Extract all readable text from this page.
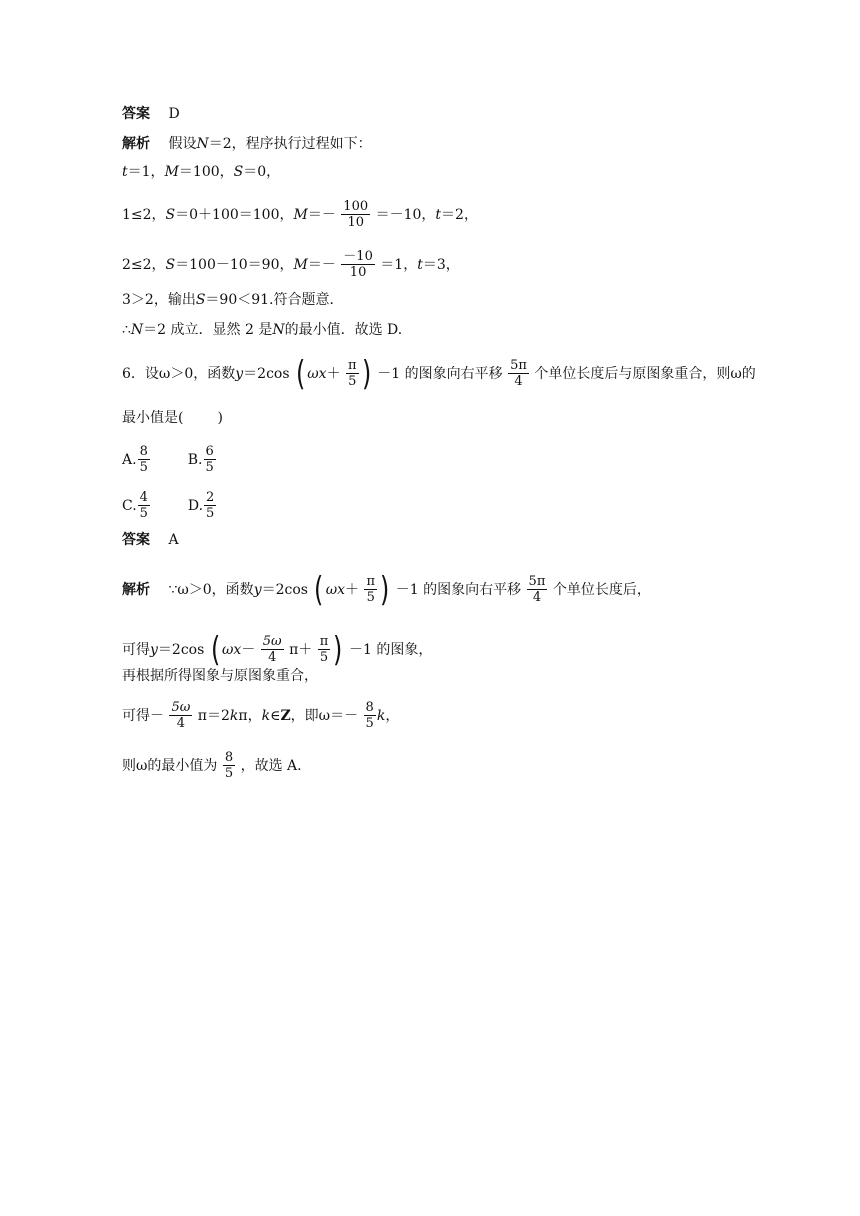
答案 D
解析 假设N＝2，程序执行过程如下：
t＝1，M＝100，S＝0，
1≤2，S＝0＋100＝100，$M=- \frac{100}{10} =-10$，t＝2，
2≤2，S＝100－10＝90，$M=- \frac{-10}{10} =1$，t＝3，
3＞2，输出S＝90＜91.符合题意．
∴N＝2 成立．显然 2 是N的最小值．故选 D.
6．设ω＞0，函数y＝2cos ( $\omega x+ \frac{\pi}{5}$ ) －1 的图象向右平移 $\frac{5\pi}{4}$ 个单位长度后与原图象重合，则ω的
最小值是( )
A. $\frac{8}{5}$	B. $\frac{6}{5}$
C. $\frac{4}{5}$	D. $\frac{2}{5}$
答案 A
解析 ∵ω＞0，函数y＝2cos ( $\omega x+ \frac{\pi}{5}$ ) －1 的图象向右平移 $\frac{5\pi}{4}$ 个单位长度后，
可得y＝2cos ( $\omega x- \frac{5\omega}{4} \pi+ \frac{\pi}{5}$ ) －1 的图象，
再根据所得图象与原图象重合，
可得－ $\frac{5\omega}{4} \pi=2k\pi$，k∈Z，即$\omega=- \frac{8}{5}$ k，
则ω的最小值为 $\frac{8}{5}$ ，故选 A.
